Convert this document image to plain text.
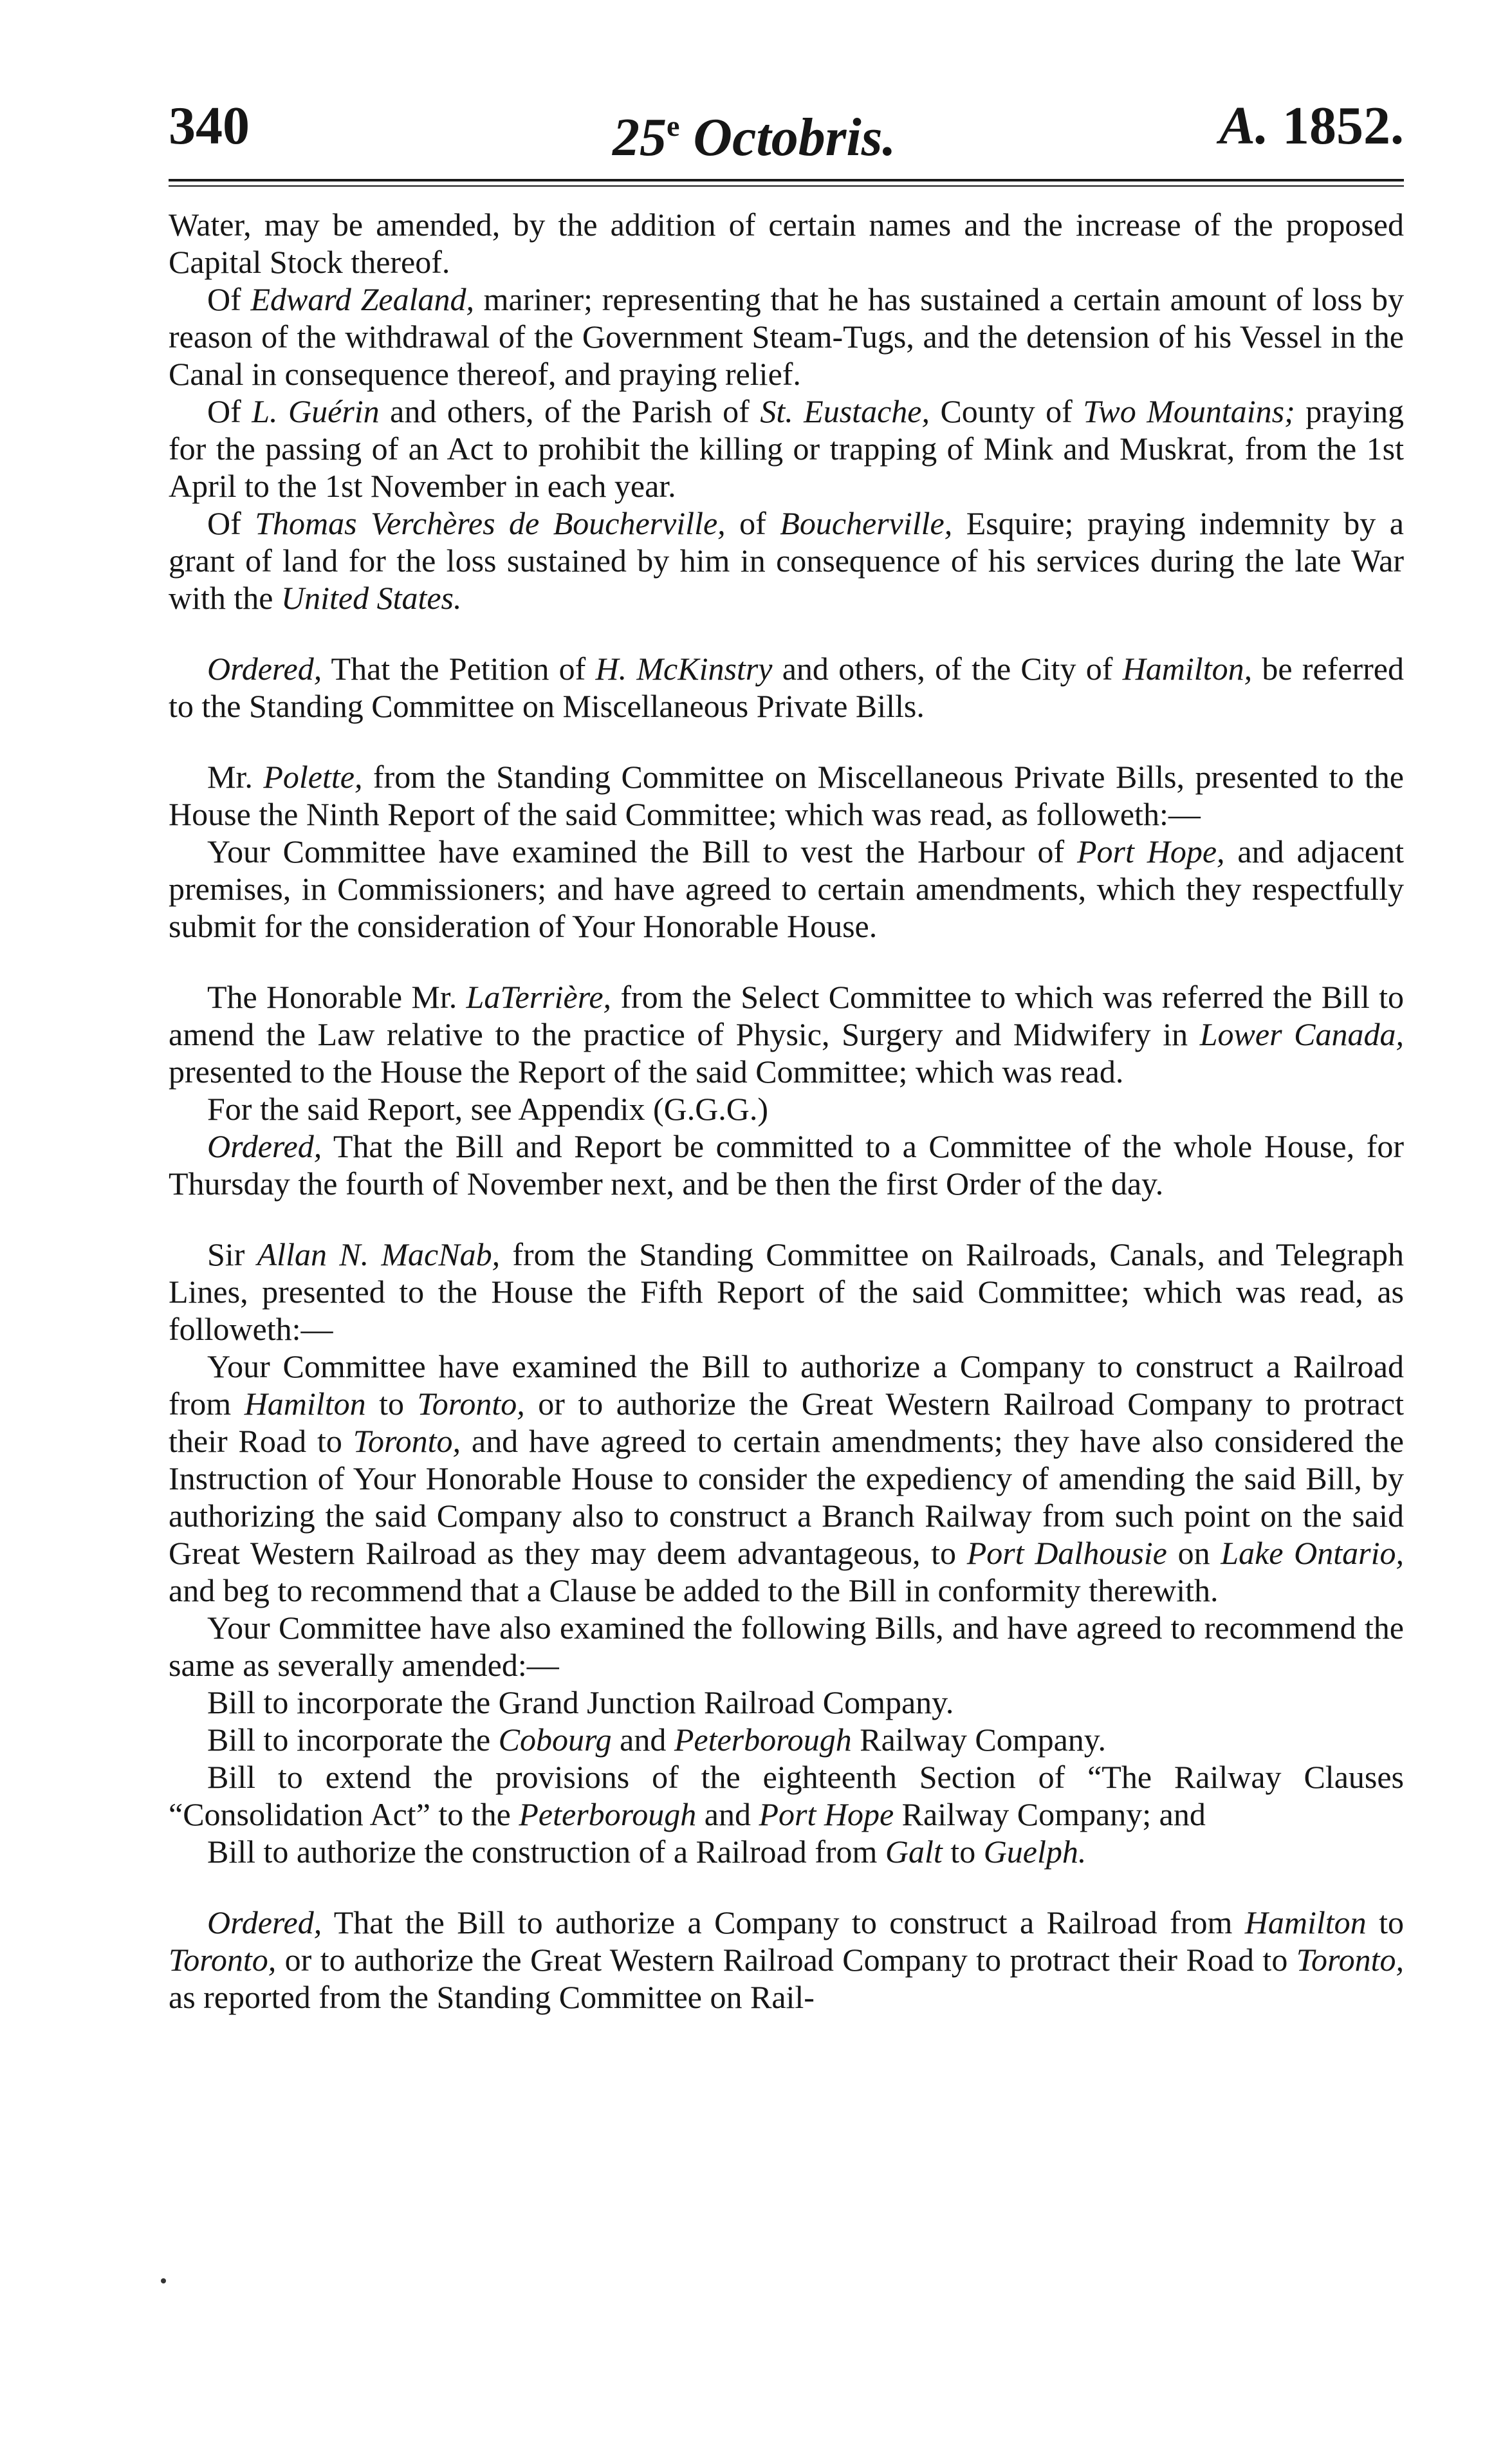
340	25e Octobris.	A. 1852.

Water, may be amended, by the addition of certain names and the increase of the proposed Capital Stock thereof.

Of Edward Zealand, mariner; representing that he has sustained a certain amount of loss by reason of the withdrawal of the Government Steam-Tugs, and the detension of his Vessel in the Canal in consequence thereof, and praying relief.

Of L. Guérin and others, of the Parish of St. Eustache, County of Two Mountains; praying for the passing of an Act to prohibit the killing or trapping of Mink and Muskrat, from the 1st April to the 1st November in each year.

Of Thomas Verchères de Boucherville, of Boucherville, Esquire; praying indemnity by a grant of land for the loss sustained by him in consequence of his services during the late War with the United States.

Ordered, That the Petition of H. McKinstry and others, of the City of Hamilton, be referred to the Standing Committee on Miscellaneous Private Bills.

Mr. Polette, from the Standing Committee on Miscellaneous Private Bills, presented to the House the Ninth Report of the said Committee; which was read, as followeth:—

Your Committee have examined the Bill to vest the Harbour of Port Hope, and adjacent premises, in Commissioners; and have agreed to certain amendments, which they respectfully submit for the consideration of Your Honorable House.

The Honorable Mr. LaTerrière, from the Select Committee to which was referred the Bill to amend the Law relative to the practice of Physic, Surgery and Midwifery in Lower Canada, presented to the House the Report of the said Committee; which was read.

For the said Report, see Appendix (G.G.G.)

Ordered, That the Bill and Report be committed to a Committee of the whole House, for Thursday the fourth of November next, and be then the first Order of the day.

Sir Allan N. MacNab, from the Standing Committee on Railroads, Canals, and Telegraph Lines, presented to the House the Fifth Report of the said Committee; which was read, as followeth:—

Your Committee have examined the Bill to authorize a Company to construct a Railroad from Hamilton to Toronto, or to authorize the Great Western Railroad Company to protract their Road to Toronto, and have agreed to certain amendments; they have also considered the Instruction of Your Honorable House to consider the expediency of amending the said Bill, by authorizing the said Company also to construct a Branch Railway from such point on the said Great Western Railroad as they may deem advantageous, to Port Dalhousie on Lake Ontario, and beg to recommend that a Clause be added to the Bill in conformity therewith.

Your Committee have also examined the following Bills, and have agreed to recommend the same as severally amended:—

Bill to incorporate the Grand Junction Railroad Company.

Bill to incorporate the Cobourg and Peterborough Railway Company.

Bill to extend the provisions of the eighteenth Section of “The Railway Clauses “Consolidation Act” to the Peterborough and Port Hope Railway Company; and

Bill to authorize the construction of a Railroad from Galt to Guelph.

Ordered, That the Bill to authorize a Company to construct a Railroad from Hamilton to Toronto, or to authorize the Great Western Railroad Company to protract their Road to Toronto, as reported from the Standing Committee on Rail-
